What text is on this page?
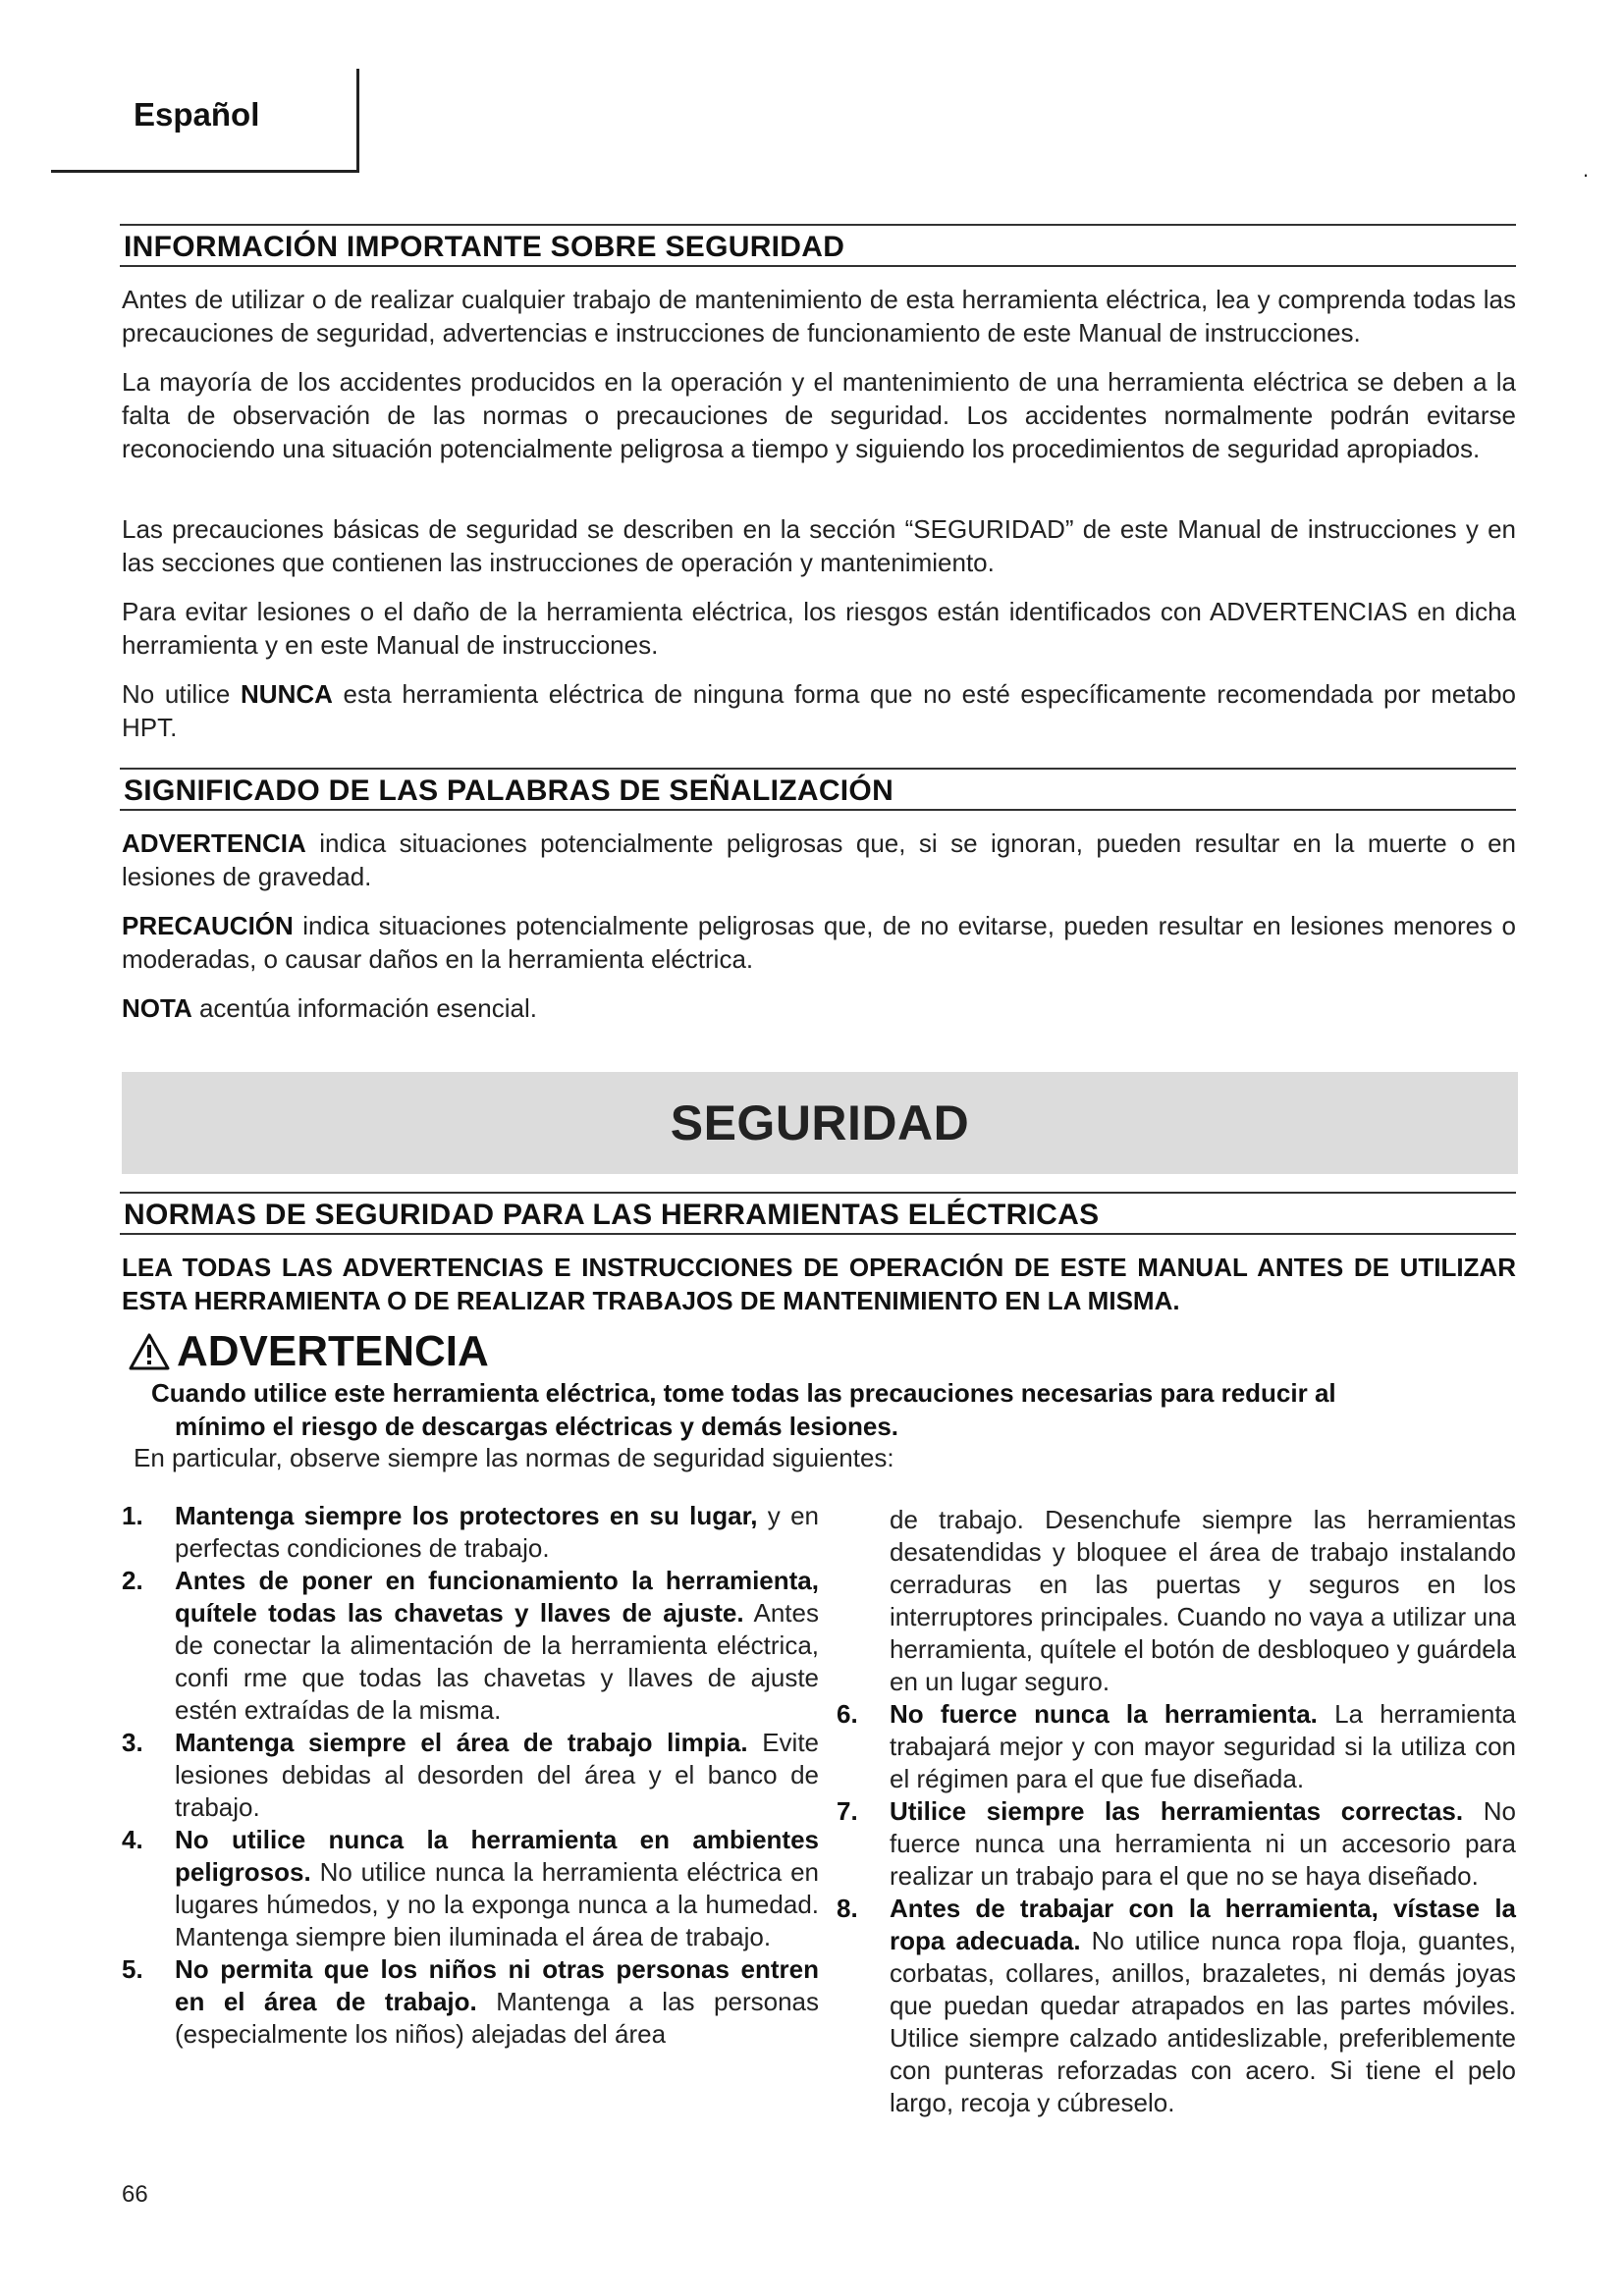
Español
.
INFORMACIÓN IMPORTANTE SOBRE SEGURIDAD

Antes de utilizar o de realizar cualquier trabajo de mantenimiento de esta herramienta eléctrica, lea y comprenda todas las precauciones de seguridad, advertencias e instrucciones de funcionamiento de este Manual de instrucciones.

La mayoría de los accidentes producidos en la operación y el mantenimiento de una herramienta eléctrica se deben a la falta de observación de las normas o precauciones de seguridad. Los accidentes normalmente podrán evitarse reconociendo una situación potencialmente peligrosa a tiempo y siguiendo los procedimientos de seguridad apropiados.

Las precauciones básicas de seguridad se describen en la sección “SEGURIDAD” de este Manual de instrucciones y en las secciones que contienen las instrucciones de operación y mantenimiento.

Para evitar lesiones o el daño de la herramienta eléctrica, los riesgos están identificados con ADVERTENCIAS en dicha herramienta y en este Manual de instrucciones.

No utilice NUNCA esta herramienta eléctrica de ninguna forma que no esté específicamente recomendada por metabo HPT.

SIGNIFICADO DE LAS PALABRAS DE SEÑALIZACIÓN

ADVERTENCIA indica situaciones potencialmente peligrosas que, si se ignoran, pueden resultar en la muerte o en lesiones de gravedad.

PRECAUCIÓN indica situaciones potencialmente peligrosas que, de no evitarse, pueden resultar en lesiones menores o moderadas, o causar daños en la herramienta eléctrica.

NOTA acentúa información esencial.

SEGURIDAD
NORMAS DE SEGURIDAD PARA LAS HERRAMIENTAS ELÉCTRICAS

LEA TODAS LAS ADVERTENCIAS E INSTRUCCIONES DE OPERACIÓN DE ESTE MANUAL ANTES DE UTILIZAR ESTA HERRAMIENTA O DE REALIZAR TRABAJOS DE MANTENIMIENTO EN LA MISMA.

ADVERTENCIA

Cuando utilice este herramienta eléctrica, tome todas las precauciones necesarias para reducir al
mínimo el riesgo de descargas eléctricas y demás lesiones.

En particular, observe siempre las normas de seguridad siguientes:

1. Mantenga siempre los protectores en su lugar, y en perfectas condiciones de trabajo.

2. Antes de poner en funcionamiento la herramienta, quítele todas las chavetas y llaves de ajuste. Antes de conectar la alimentación de la herramienta eléctrica, confi rme que todas las chavetas y llaves de ajuste estén extraídas de la misma.

3. Mantenga siempre el área de trabajo limpia. Evite lesiones debidas al desorden del área y el banco de trabajo.

4. No utilice nunca la herramienta en ambientes peligrosos. No utilice nunca la herramienta eléctrica en lugares húmedos, y no la exponga nunca a la humedad. Mantenga siempre bien iluminada el área de trabajo.

5. No permita que los niños ni otras personas entren en el área de trabajo. Mantenga a las personas (especialmente los niños) alejadas del área

de trabajo. Desenchufe siempre las herramientas desatendidas y bloquee el área de trabajo instalando cerraduras en las puertas y seguros en los interruptores principales. Cuando no vaya a utilizar una herramienta, quítele el botón de desbloqueo y guárdela en un lugar seguro.

6. No fuerce nunca la herramienta. La herramienta trabajará mejor y con mayor seguridad si la utiliza con el régimen para el que fue diseñada.

7. Utilice siempre las herramientas correctas. No fuerce nunca una herramienta ni un accesorio para realizar un trabajo para el que no se haya diseñado.

8. Antes de trabajar con la herramienta, vístase la ropa adecuada. No utilice nunca ropa floja, guantes, corbatas, collares, anillos, brazaletes, ni demás joyas que puedan quedar atrapados en las partes móviles. Utilice siempre calzado antideslizable, preferiblemente con punteras reforzadas con acero. Si tiene el pelo largo, recoja y cúbreselo.

66
